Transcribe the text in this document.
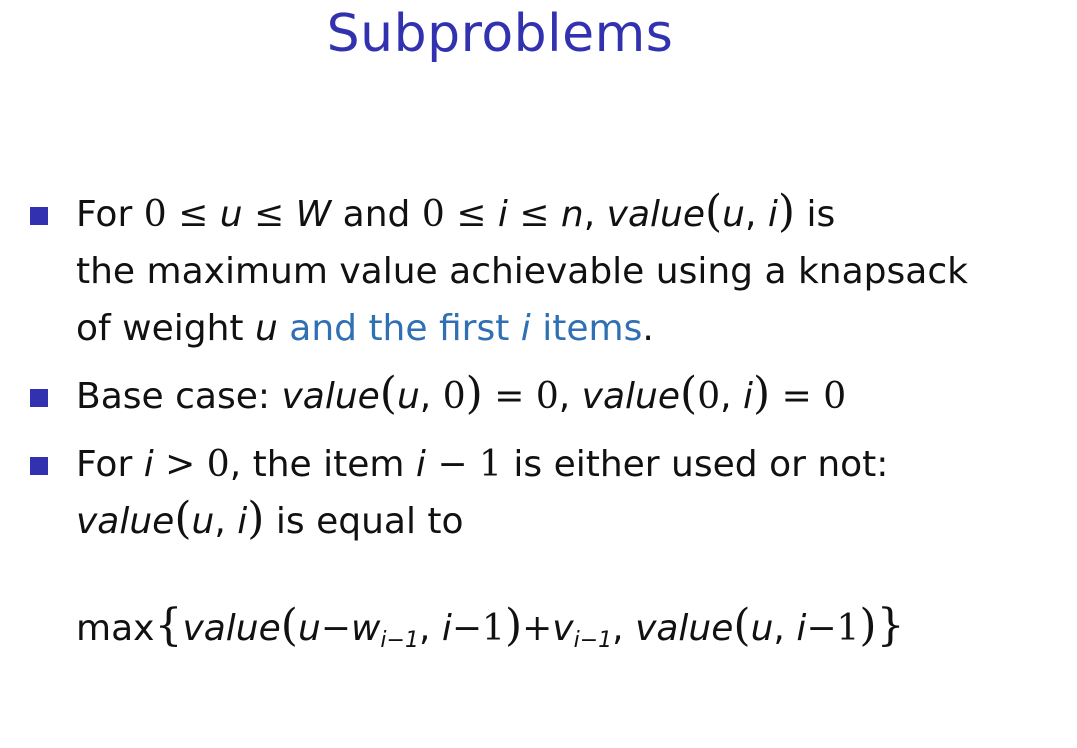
Subproblems
For 0 ≤ u ≤ W and 0 ≤ i ≤ n, value(u, i) is
the maximum value achievable using a knapsack
of weight u and the first i items.
Base case: value(u, 0) = 0, value(0, i) = 0
For i > 0, the item i − 1 is either used or not:
value(u, i) is equal to
$\max\{value(u-w_{i-1}$, $i-1)+v_{i-1}$, value(u, i−1)}
